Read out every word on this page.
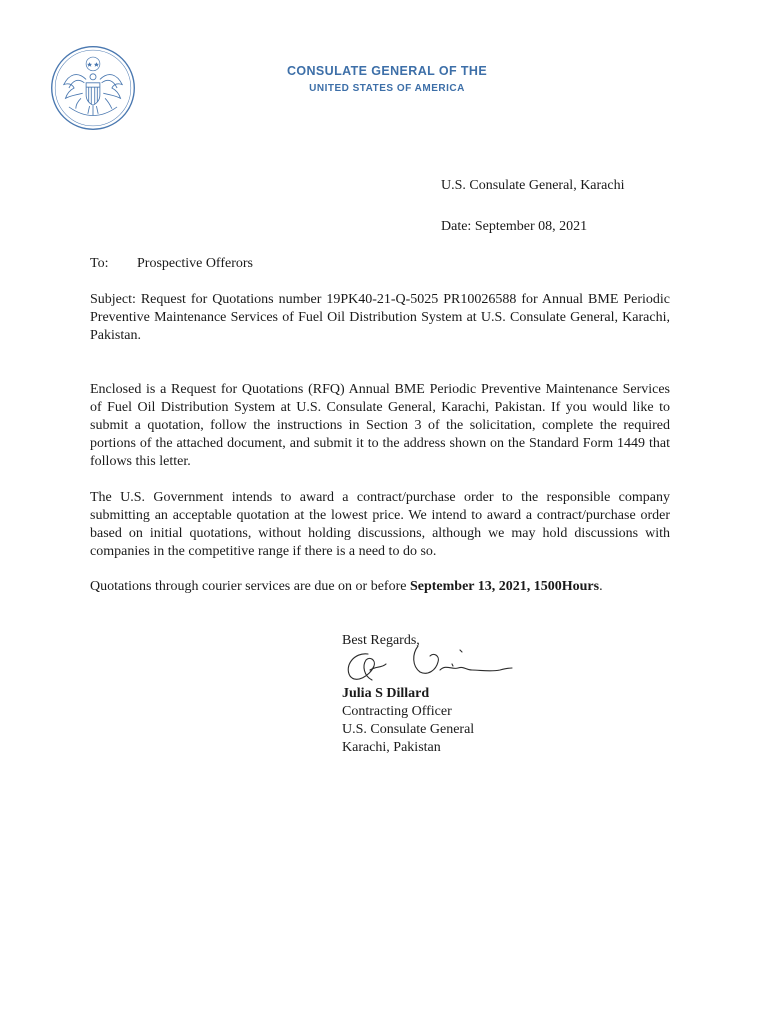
CONSULATE GENERAL OF THE
UNITED STATES OF AMERICA
U.S. Consulate General, Karachi
Date: September 08, 2021
To: Prospective Offerors

Subject: Request for Quotations number 19PK40-21-Q-5025 PR10026588 for Annual BME Periodic Preventive Maintenance Services of Fuel Oil Distribution System at U.S. Consulate General, Karachi, Pakistan.

Enclosed is a Request for Quotations (RFQ) Annual BME Periodic Preventive Maintenance Services of Fuel Oil Distribution System at U.S. Consulate General, Karachi, Pakistan. If you would like to submit a quotation, follow the instructions in Section 3 of the solicitation, complete the required portions of the attached document, and submit it to the address shown on the Standard Form 1449 that follows this letter.

The U.S. Government intends to award a contract/purchase order to the responsible company submitting an acceptable quotation at the lowest price. We intend to award a contract/purchase order based on initial quotations, without holding discussions, although we may hold discussions with companies in the competitive range if there is a need to do so.

Quotations through courier services are due on or before September 13, 2021, 1500Hours.

Best Regards,
Julia S Dillard
Contracting Officer
U.S. Consulate General
Karachi, Pakistan
